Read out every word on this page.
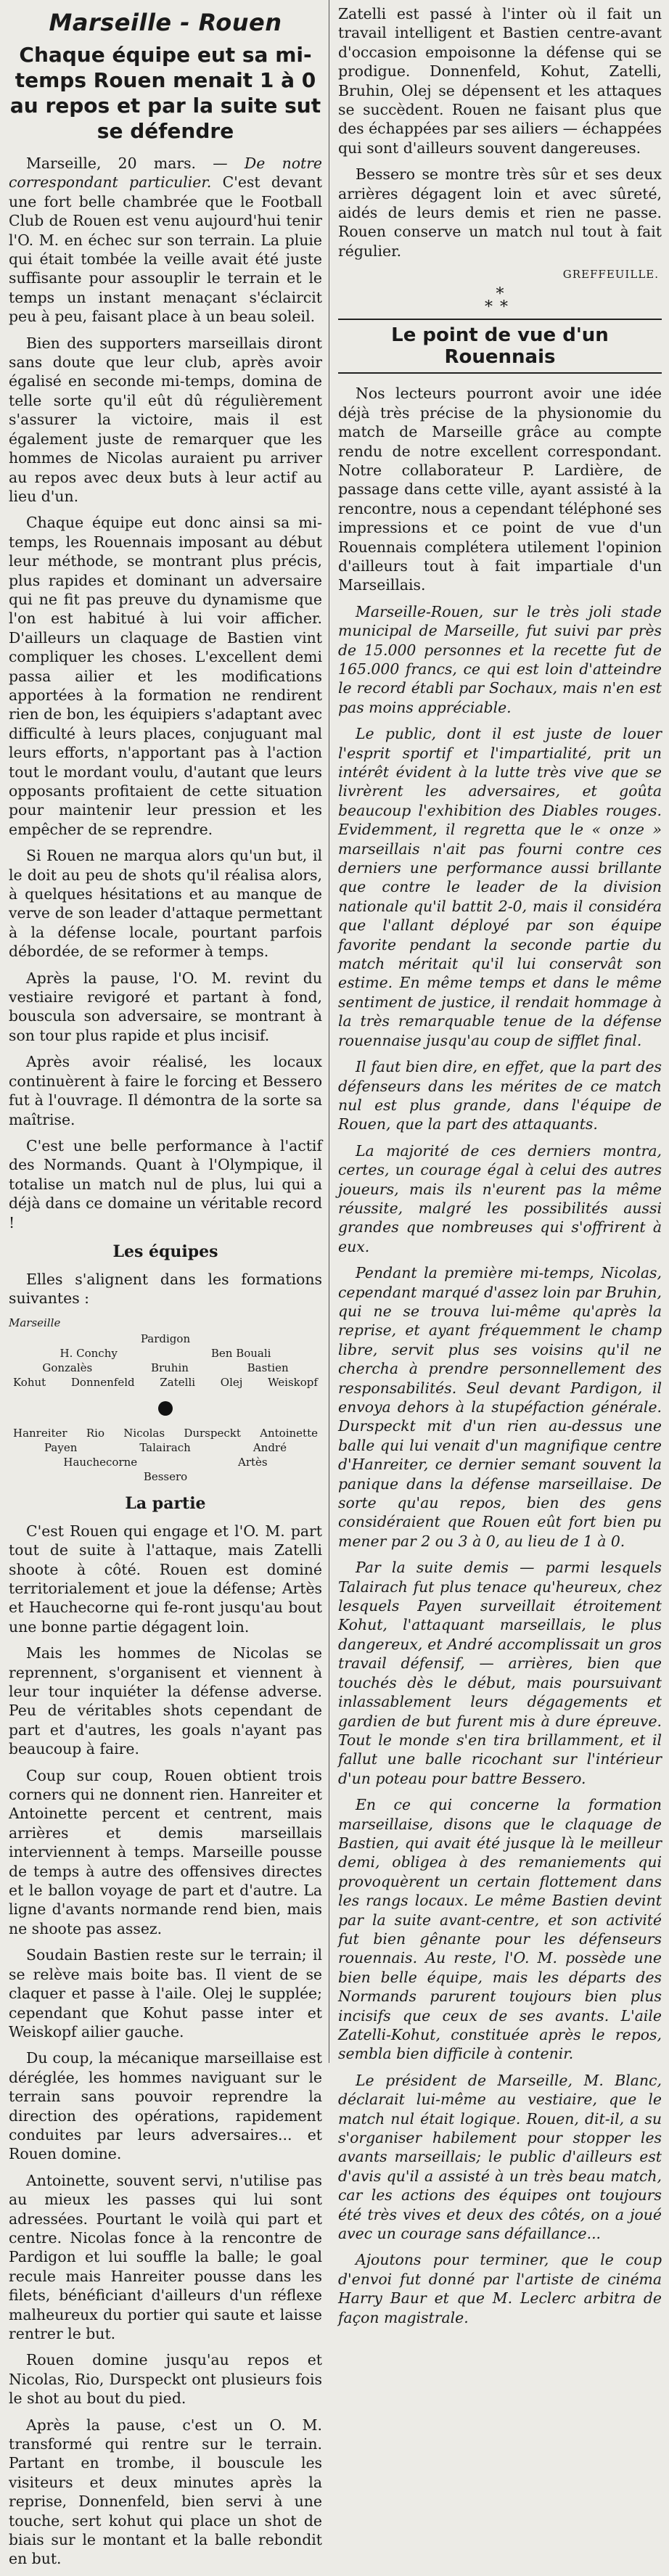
Marseille - Rouen
Chaque équipe eut sa mi-temps Rouen menait 1 à 0 au repos et par la suite sut se défendre

Marseille, 20 mars. — De notre correspondant particulier. C'est devant une fort belle chambrée que le Football Club de Rouen est venu aujourd'hui tenir l'O. M. en échec sur son terrain. La pluie qui était tombée la veille avait été juste suffisante pour assouplir le terrain et le temps un instant menaçant s'éclaircit peu à peu, faisant place à un beau soleil.

Bien des supporters marseillais diront sans doute que leur club, après avoir égalisé en seconde mi-temps, domina de telle sorte qu'il eût dû régulièrement s'assurer la victoire, mais il est également juste de remarquer que les hommes de Nicolas auraient pu arriver au repos avec deux buts à leur actif au lieu d'un.

Chaque équipe eut donc ainsi sa mi-temps, les Rouennais imposant au début leur méthode, se montrant plus précis, plus rapides et dominant un adversaire qui ne fit pas preuve du dynamisme que l'on est habitué à lui voir afficher. D'ailleurs un claquage de Bastien vint compliquer les choses. L'excellent demi passa ailier et les modifications apportées à la formation ne rendirent rien de bon, les équipiers s'adaptant avec difficulté à leurs places, conjuguant mal leurs efforts, n'apportant pas à l'action tout le mordant voulu, d'autant que leurs opposants profitaient de cette situation pour maintenir leur pression et les empêcher de se reprendre.

Si Rouen ne marqua alors qu'un but, il le doit au peu de shots qu'il réalisa alors, à quelques hésitations et au manque de verve de son leader d'attaque permettant à la défense locale, pourtant parfois débordée, de se reformer à temps.

Après la pause, l'O. M. revint du vestiaire revigoré et partant à fond, bouscula son adversaire, se montrant à son tour plus rapide et plus incisif.

Après avoir réalisé, les locaux continuèrent à faire le forcing et Bessero fut à l'ouvrage. Il démontra de la sorte sa maîtrise.

C'est une belle performance à l'actif des Normands. Quant à l'Olympique, il totalise un match nul de plus, lui qui a déjà dans ce domaine un véritable record !

Les équipes

Elles s'alignent dans les formations suivantes :

Marseille
Pardigon
H. Conchy	Ben Bouali
Gonzalès	Bruhin	Bastien
Kohut Donnenfeld Zatelli Olej Weiskopf
Hanreiter Rio Nicolas Durspeckt Antoinette
Payen	Talairach	André
Hauchecorne	Artès
Bessero
La partie

C'est Rouen qui engage et l'O. M. part tout de suite à l'attaque, mais Zatelli shoote à côté. Rouen est dominé territorialement et joue la défense; Artès et Hauchecorne qui fe-ront jusqu'au bout une bonne partie dégagent loin.

Mais les hommes de Nicolas se reprennent, s'organisent et viennent à leur tour inquiéter la défense adverse. Peu de véritables shots cependant de part et d'autres, les goals n'ayant pas beaucoup à faire.

Coup sur coup, Rouen obtient trois corners qui ne donnent rien. Hanreiter et Antoinette percent et centrent, mais arrières et demis marseillais interviennent à temps. Marseille pousse de temps à autre des offensives directes et le ballon voyage de part et d'autre. La ligne d'avants normande rend bien, mais ne shoote pas assez.

Soudain Bastien reste sur le terrain; il se relève mais boite bas. Il vient de se claquer et passe à l'aile. Olej le supplée; cependant que Kohut passe inter et Weiskopf ailier gauche.

Du coup, la mécanique marseillaise est déréglée, les hommes naviguant sur le terrain sans pouvoir reprendre la direction des opérations, rapidement conduites par leurs adversaires... et Rouen domine.

Antoinette, souvent servi, n'utilise pas au mieux les passes qui lui sont adressées. Pourtant le voilà qui part et centre. Nicolas fonce à la rencontre de Pardigon et lui souffle la balle; le goal recule mais Hanreiter pousse dans les filets, bénéficiant d'ailleurs d'un réflexe malheureux du portier qui saute et laisse rentrer le but.

Rouen domine jusqu'au repos et Nicolas, Rio, Durspeckt ont plusieurs fois le shot au bout du pied.

Après la pause, c'est un O. M. transformé qui rentre sur le terrain. Partant en trombe, il bouscule les visiteurs et deux minutes après la reprise, Donnenfeld, bien servi à une touche, sert kohut qui place un shot de biais sur le montant et la balle rebondit en but.

Zatelli est passé à l'inter où il fait un travail intelligent et Bastien centre-avant d'occasion empoisonne la défense qui se prodigue. Donnenfeld, Kohut, Zatelli, Bruhin, Olej se dépensent et les attaques se succèdent. Rouen ne faisant plus que des échappées par ses ailiers — échappées qui sont d'ailleurs souvent dangereuses.

Bessero se montre très sûr et ses deux arrières dégagent loin et avec sûreté, aidés de leurs demis et rien ne passe. Rouen conserve un match nul tout à fait régulier.

GREFFEUILLE.
*
**
Le point de vue d'un Rouennais

Nos lecteurs pourront avoir une idée déjà très précise de la physionomie du match de Marseille grâce au compte rendu de notre excellent correspondant. Notre collaborateur P. Lardière, de passage dans cette ville, ayant assisté à la rencontre, nous a cependant téléphoné ses impressions et ce point de vue d'un Rouennais complétera utilement l'opinion d'ailleurs tout à fait impartiale d'un Marseillais.

Marseille-Rouen, sur le très joli stade municipal de Marseille, fut suivi par près de 15.000 personnes et la recette fut de 165.000 francs, ce qui est loin d'atteindre le record établi par Sochaux, mais n'en est pas moins appréciable.

Le public, dont il est juste de louer l'esprit sportif et l'impartialité, prit un intérêt évident à la lutte très vive que se livrèrent les adversaires, et goûta beaucoup l'exhibition des Diables rouges. Evidemment, il regretta que le « onze » marseillais n'ait pas fourni contre ces derniers une performance aussi brillante que contre le leader de la division nationale qu'il battit 2-0, mais il considéra que l'allant déployé par son équipe favorite pendant la seconde partie du match méritait qu'il lui conservât son estime. En même temps et dans le même sentiment de justice, il rendait hommage à la très remarquable tenue de la défense rouennaise jusqu'au coup de sifflet final.

Il faut bien dire, en effet, que la part des défenseurs dans les mérites de ce match nul est plus grande, dans l'équipe de Rouen, que la part des attaquants.

La majorité de ces derniers montra, certes, un courage égal à celui des autres joueurs, mais ils n'eurent pas la même réussite, malgré les possibilités aussi grandes que nombreuses qui s'offrirent à eux.

Pendant la première mi-temps, Nicolas, cependant marqué d'assez loin par Bruhin, qui ne se trouva lui-même qu'après la reprise, et ayant fréquemment le champ libre, servit plus ses voisins qu'il ne chercha à prendre personnellement des responsabilités. Seul devant Pardigon, il envoya dehors à la stupéfaction générale. Durspeckt mit d'un rien au-dessus une balle qui lui venait d'un magnifique centre d'Hanreiter, ce dernier semant souvent la panique dans la défense marseillaise. De sorte qu'au repos, bien des gens considéraient que Rouen eût fort bien pu mener par 2 ou 3 à 0, au lieu de 1 à 0.

Par la suite demis — parmi lesquels Talairach fut plus tenace qu'heureux, chez lesquels Payen surveillait étroitement Kohut, l'attaquant marseillais, le plus dangereux, et André accomplissait un gros travail défensif, — arrières, bien que touchés dès le début, mais poursuivant inlassablement leurs dégagements et gardien de but furent mis à dure épreuve. Tout le monde s'en tira brillamment, et il fallut une balle ricochant sur l'intérieur d'un poteau pour battre Bessero.

En ce qui concerne la formation marseillaise, disons que le claquage de Bastien, qui avait été jusque là le meilleur demi, obligea à des remaniements qui provoquèrent un certain flottement dans les rangs locaux. Le même Bastien devint par la suite avant-centre, et son activité fut bien gênante pour les défenseurs rouennais. Au reste, l'O. M. possède une bien belle équipe, mais les départs des Normands parurent toujours bien plus incisifs que ceux de ses avants. L'aile Zatelli-Kohut, constituée après le repos, sembla bien difficile à contenir.

Le président de Marseille, M. Blanc, déclarait lui-même au vestiaire, que le match nul était logique. Rouen, dit-il, a su s'organiser habilement pour stopper les avants marseillais; le public d'ailleurs est d'avis qu'il a assisté à un très beau match, car les actions des équipes ont toujours été très vives et deux des côtés, on a joué avec un courage sans défaillance...

Ajoutons pour terminer, que le coup d'envoi fut donné par l'artiste de cinéma Harry Baur et que M. Leclerc arbitra de façon magistrale.
